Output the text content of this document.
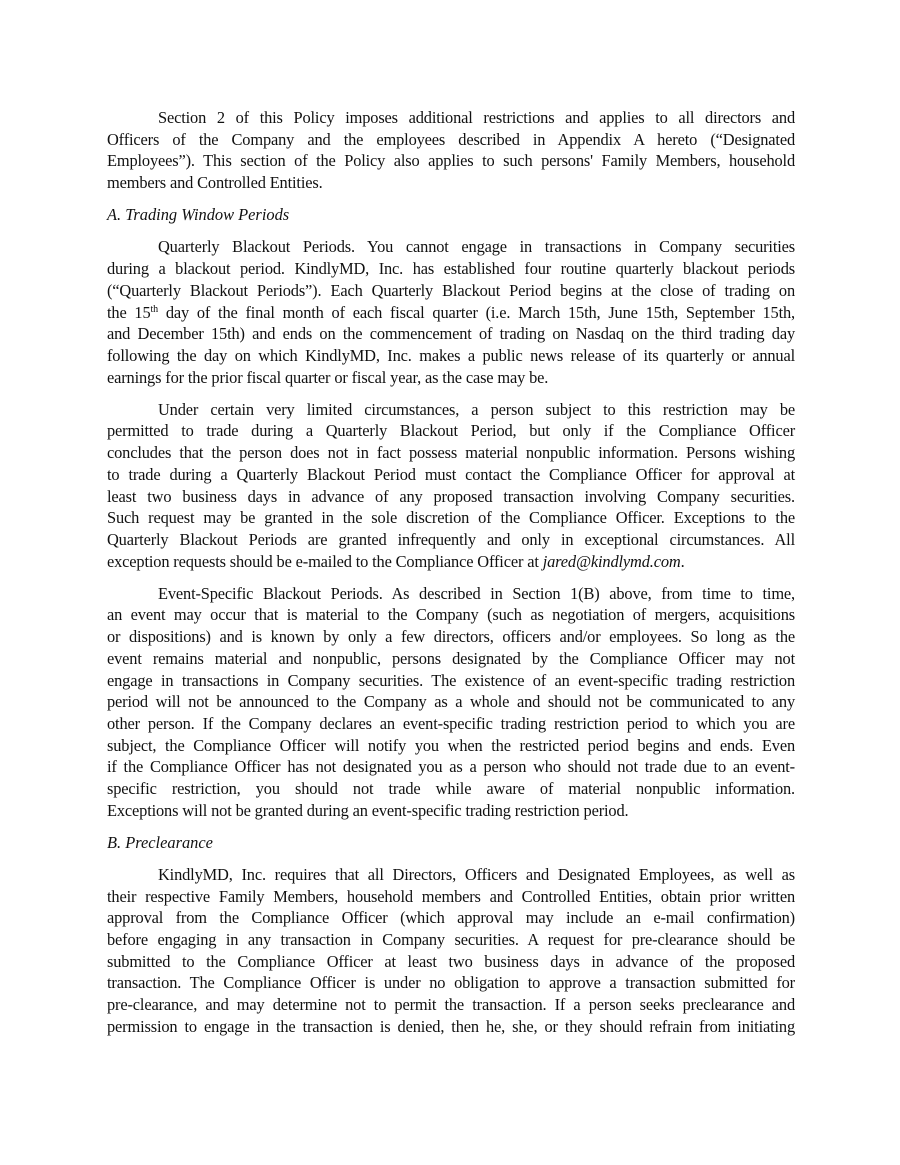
Section 2 of this Policy imposes additional restrictions and applies to all directors and
Officers of the Company and the employees described in Appendix A hereto (“Designated
Employees”). This section of the Policy also applies to such persons' Family Members, household
members and Controlled Entities.
A. Trading Window Periods
Quarterly Blackout Periods. You cannot engage in transactions in Company securities
during a blackout period. KindlyMD, Inc. has established four routine quarterly blackout periods
(“Quarterly Blackout Periods”). Each Quarterly Blackout Period begins at the close of trading on
the 15th day of the final month of each fiscal quarter (i.e. March 15th, June 15th, September 15th,
and December 15th) and ends on the commencement of trading on Nasdaq on the third trading day
following the day on which KindlyMD, Inc. makes a public news release of its quarterly or annual
earnings for the prior fiscal quarter or fiscal year, as the case may be.
Under certain very limited circumstances, a person subject to this restriction may be
permitted to trade during a Quarterly Blackout Period, but only if the Compliance Officer
concludes that the person does not in fact possess material nonpublic information. Persons wishing
to trade during a Quarterly Blackout Period must contact the Compliance Officer for approval at
least two business days in advance of any proposed transaction involving Company securities.
Such request may be granted in the sole discretion of the Compliance Officer. Exceptions to the
Quarterly Blackout Periods are granted infrequently and only in exceptional circumstances. All
exception requests should be e-mailed to the Compliance Officer at jared@kindlymd.com.
Event-Specific Blackout Periods. As described in Section 1(B) above, from time to time,
an event may occur that is material to the Company (such as negotiation of mergers, acquisitions
or dispositions) and is known by only a few directors, officers and/or employees. So long as the
event remains material and nonpublic, persons designated by the Compliance Officer may not
engage in transactions in Company securities. The existence of an event-specific trading restriction
period will not be announced to the Company as a whole and should not be communicated to any
other person. If the Company declares an event-specific trading restriction period to which you are
subject, the Compliance Officer will notify you when the restricted period begins and ends. Even
if the Compliance Officer has not designated you as a person who should not trade due to an event-
specific restriction, you should not trade while aware of material nonpublic information.
Exceptions will not be granted during an event-specific trading restriction period.
B. Preclearance
KindlyMD, Inc. requires that all Directors, Officers and Designated Employees, as well as
their respective Family Members, household members and Controlled Entities, obtain prior written
approval from the Compliance Officer (which approval may include an e-mail confirmation)
before engaging in any transaction in Company securities. A request for pre-clearance should be
submitted to the Compliance Officer at least two business days in advance of the proposed
transaction. The Compliance Officer is under no obligation to approve a transaction submitted for
pre-clearance, and may determine not to permit the transaction. If a person seeks preclearance and
permission to engage in the transaction is denied, then he, she, or they should refrain from initiating
